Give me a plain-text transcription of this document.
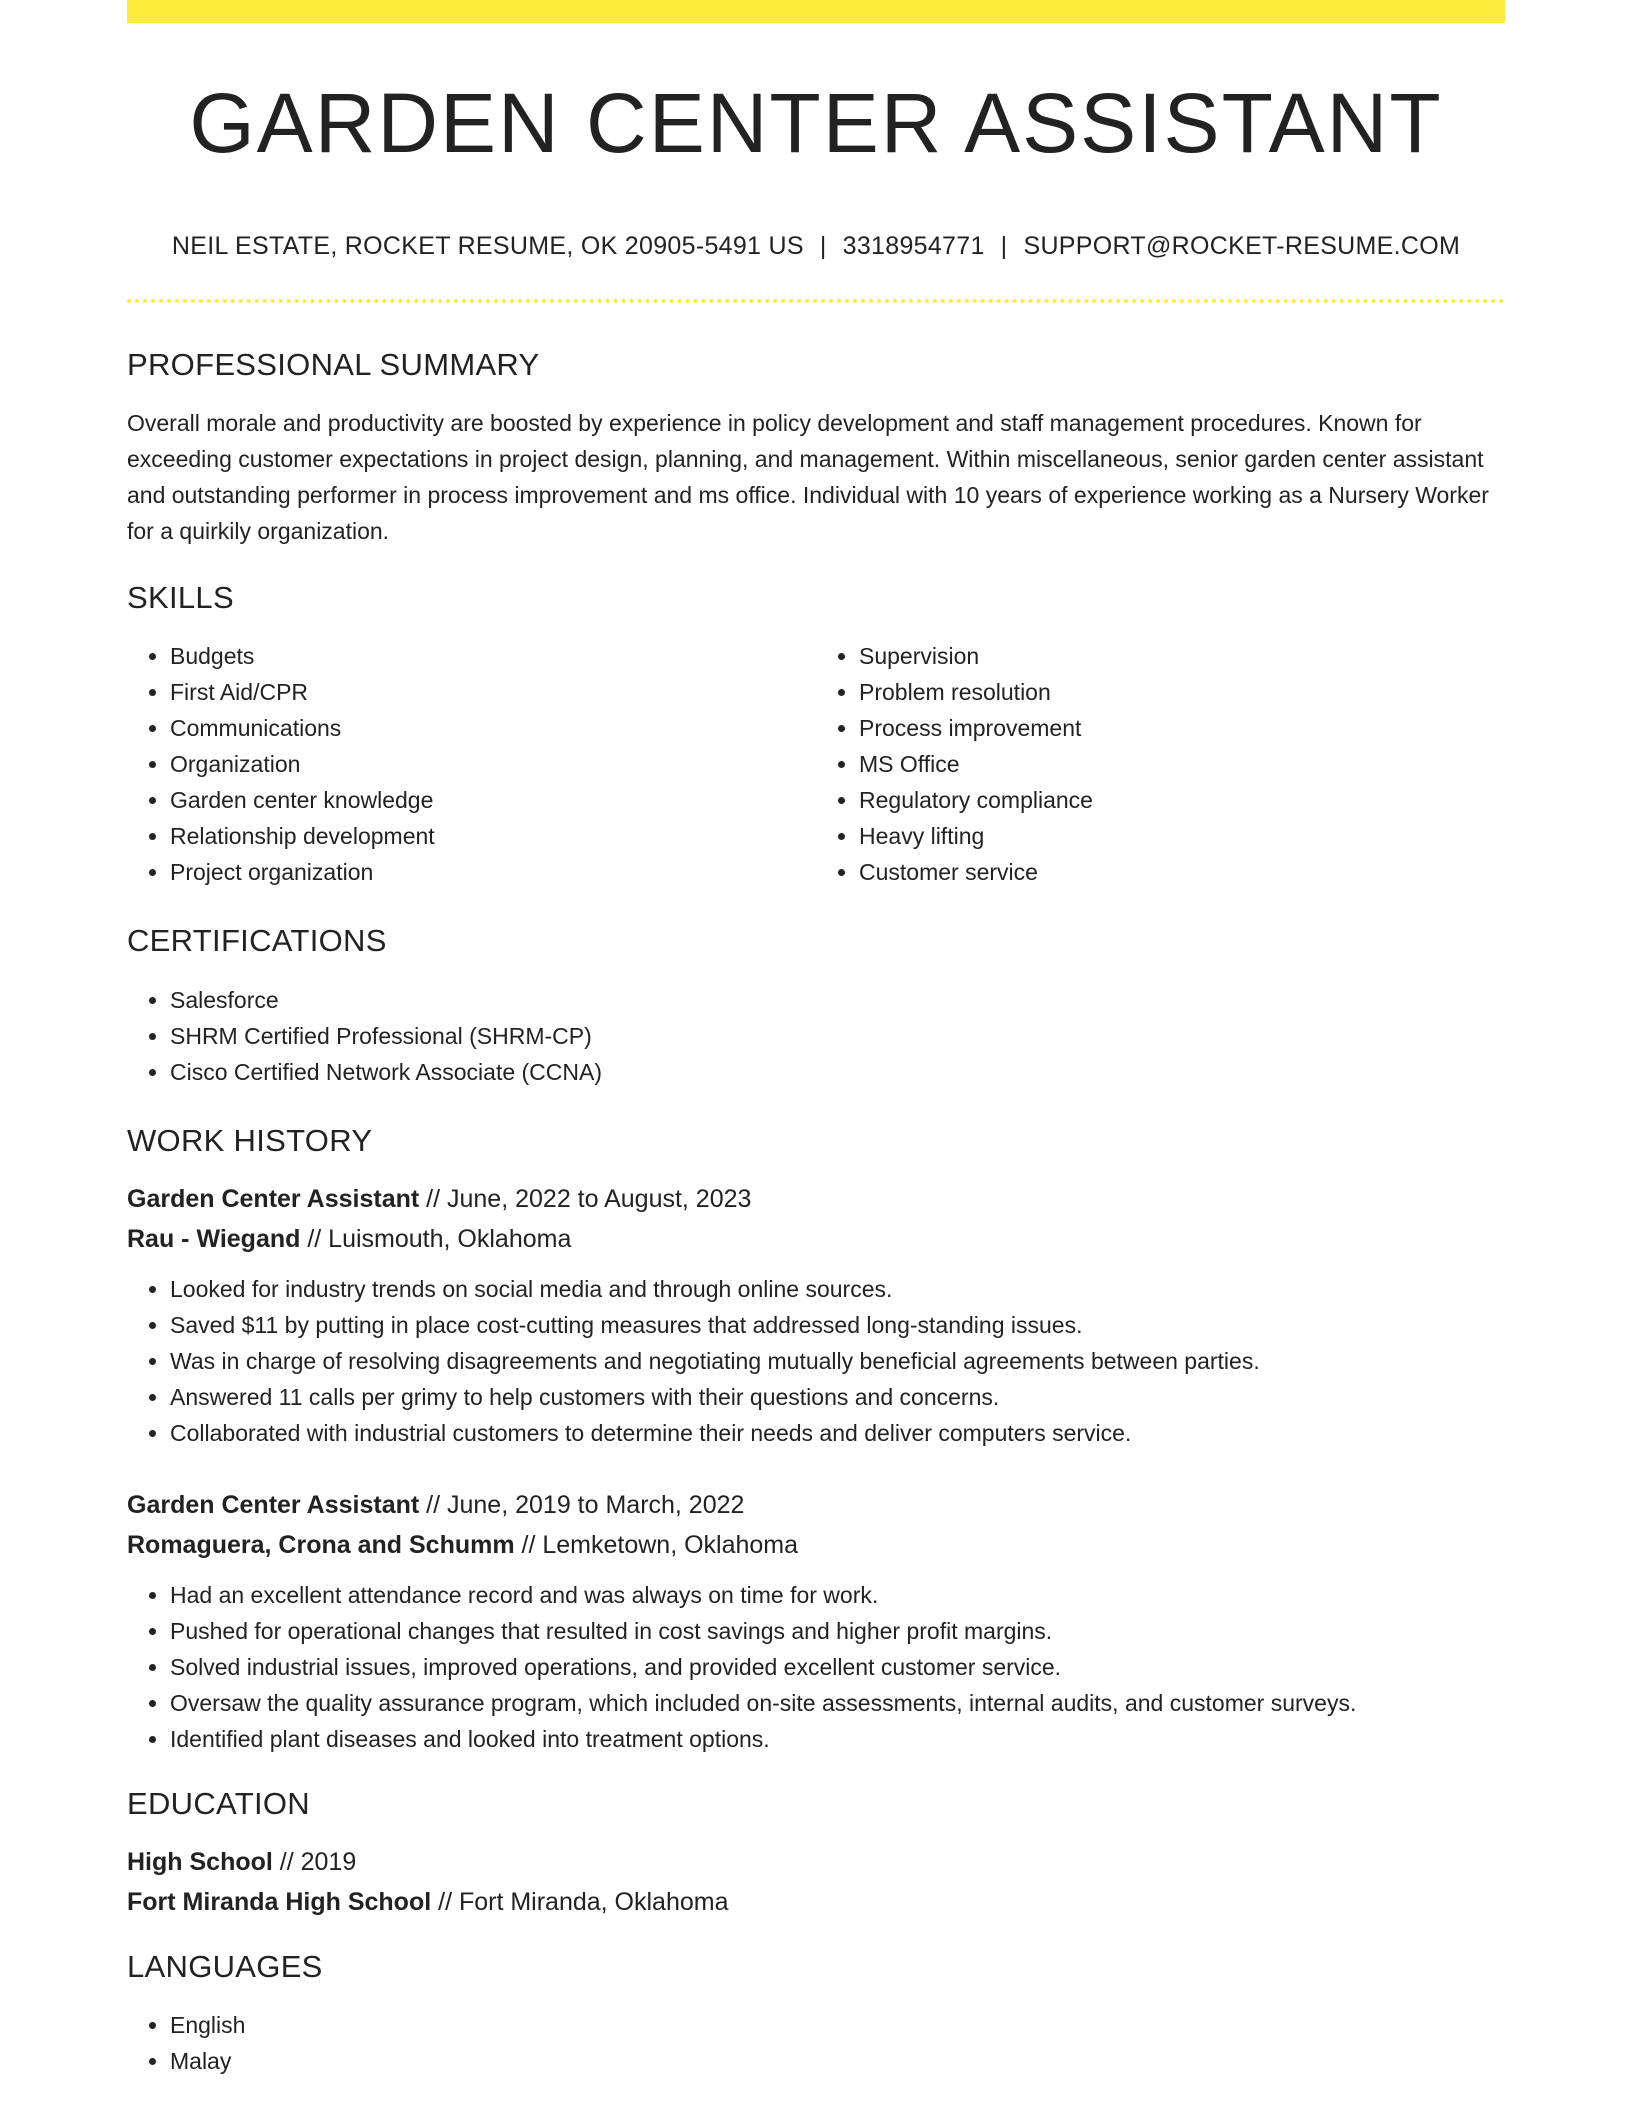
GARDEN CENTER ASSISTANT
NEIL ESTATE, ROCKET RESUME, OK 20905-5491 US | 3318954771 | SUPPORT@ROCKET-RESUME.COM
PROFESSIONAL SUMMARY

Overall morale and productivity are boosted by experience in policy development and staff management procedures. Known for exceeding customer expectations in project design, planning, and management. Within miscellaneous, senior garden center assistant and outstanding performer in process improvement and ms office. Individual with 10 years of experience working as a Nursery Worker for a quirkily organization.

SKILLS
• Budgets
• First Aid/CPR
• Communications
• Organization
• Garden center knowledge
• Relationship development
• Project organization
• Supervision
• Problem resolution
• Process improvement
• MS Office
• Regulatory compliance
• Heavy lifting
• Customer service
CERTIFICATIONS
• Salesforce
• SHRM Certified Professional (SHRM-CP)
• Cisco Certified Network Associate (CCNA)
WORK HISTORY
Garden Center Assistant // June, 2022 to August, 2023
Rau - Wiegand // Luismouth, Oklahoma
• Looked for industry trends on social media and through online sources.
• Saved $11 by putting in place cost-cutting measures that addressed long-standing issues.
• Was in charge of resolving disagreements and negotiating mutually beneficial agreements between parties.
• Answered 11 calls per grimy to help customers with their questions and concerns.
• Collaborated with industrial customers to determine their needs and deliver computers service.
Garden Center Assistant // June, 2019 to March, 2022
Romaguera, Crona and Schumm // Lemketown, Oklahoma
• Had an excellent attendance record and was always on time for work.
• Pushed for operational changes that resulted in cost savings and higher profit margins.
• Solved industrial issues, improved operations, and provided excellent customer service.
• Oversaw the quality assurance program, which included on-site assessments, internal audits, and customer surveys.
• Identified plant diseases and looked into treatment options.
EDUCATION
High School // 2019
Fort Miranda High School // Fort Miranda, Oklahoma
LANGUAGES
• English
• Malay
